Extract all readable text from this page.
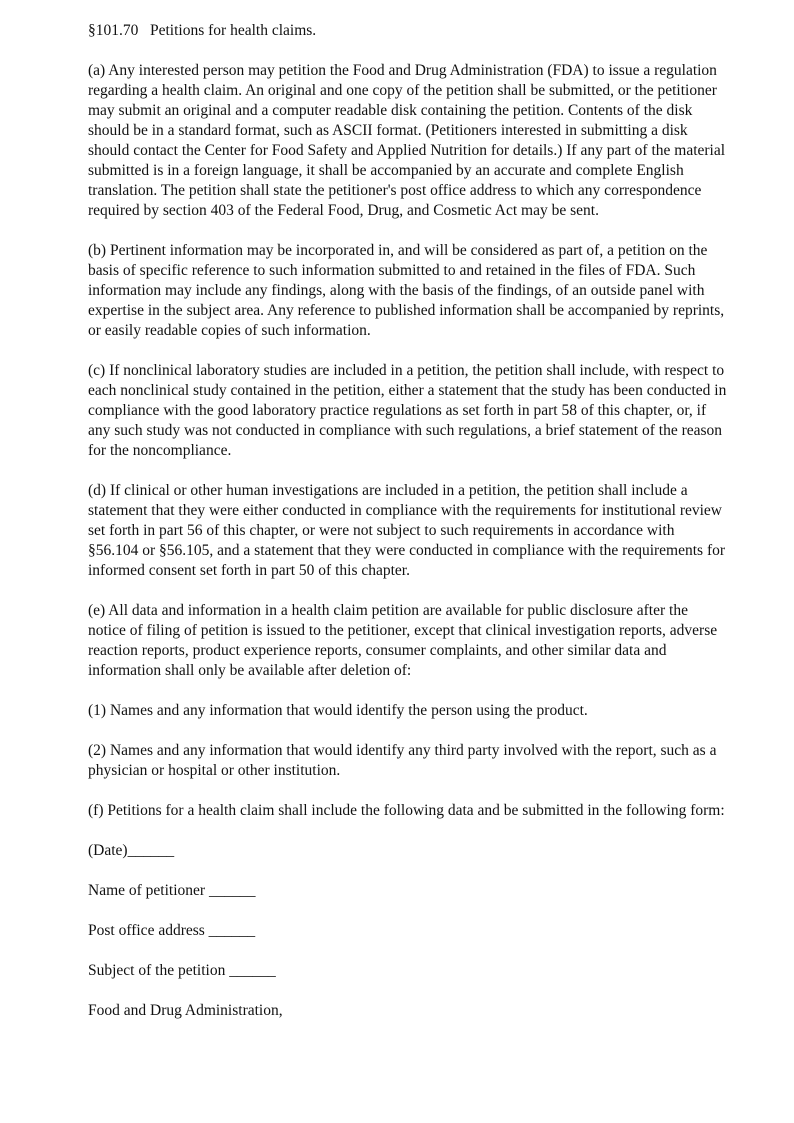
§101.70   Petitions for health claims.

(a) Any interested person may petition the Food and Drug Administration (FDA) to issue a regulation regarding a health claim. An original and one copy of the petition shall be submitted, or the petitioner may submit an original and a computer readable disk containing the petition. Contents of the disk should be in a standard format, such as ASCII format. (Petitioners interested in submitting a disk should contact the Center for Food Safety and Applied Nutrition for details.) If any part of the material submitted is in a foreign language, it shall be accompanied by an accurate and complete English translation. The petition shall state the petitioner's post office address to which any correspondence required by section 403 of the Federal Food, Drug, and Cosmetic Act may be sent.

(b) Pertinent information may be incorporated in, and will be considered as part of, a petition on the basis of specific reference to such information submitted to and retained in the files of FDA. Such information may include any findings, along with the basis of the findings, of an outside panel with expertise in the subject area. Any reference to published information shall be accompanied by reprints, or easily readable copies of such information.

(c) If nonclinical laboratory studies are included in a petition, the petition shall include, with respect to each nonclinical study contained in the petition, either a statement that the study has been conducted in compliance with the good laboratory practice regulations as set forth in part 58 of this chapter, or, if any such study was not conducted in compliance with such regulations, a brief statement of the reason for the noncompliance.

(d) If clinical or other human investigations are included in a petition, the petition shall include a statement that they were either conducted in compliance with the requirements for institutional review set forth in part 56 of this chapter, or were not subject to such requirements in accordance with §56.104 or §56.105, and a statement that they were conducted in compliance with the requirements for informed consent set forth in part 50 of this chapter.

(e) All data and information in a health claim petition are available for public disclosure after the notice of filing of petition is issued to the petitioner, except that clinical investigation reports, adverse reaction reports, product experience reports, consumer complaints, and other similar data and information shall only be available after deletion of:

(1) Names and any information that would identify the person using the product.

(2) Names and any information that would identify any third party involved with the report, such as a physician or hospital or other institution.

(f) Petitions for a health claim shall include the following data and be submitted in the following form:

(Date)______

Name of petitioner ______

Post office address ______

Subject of the petition ______

Food and Drug Administration,
